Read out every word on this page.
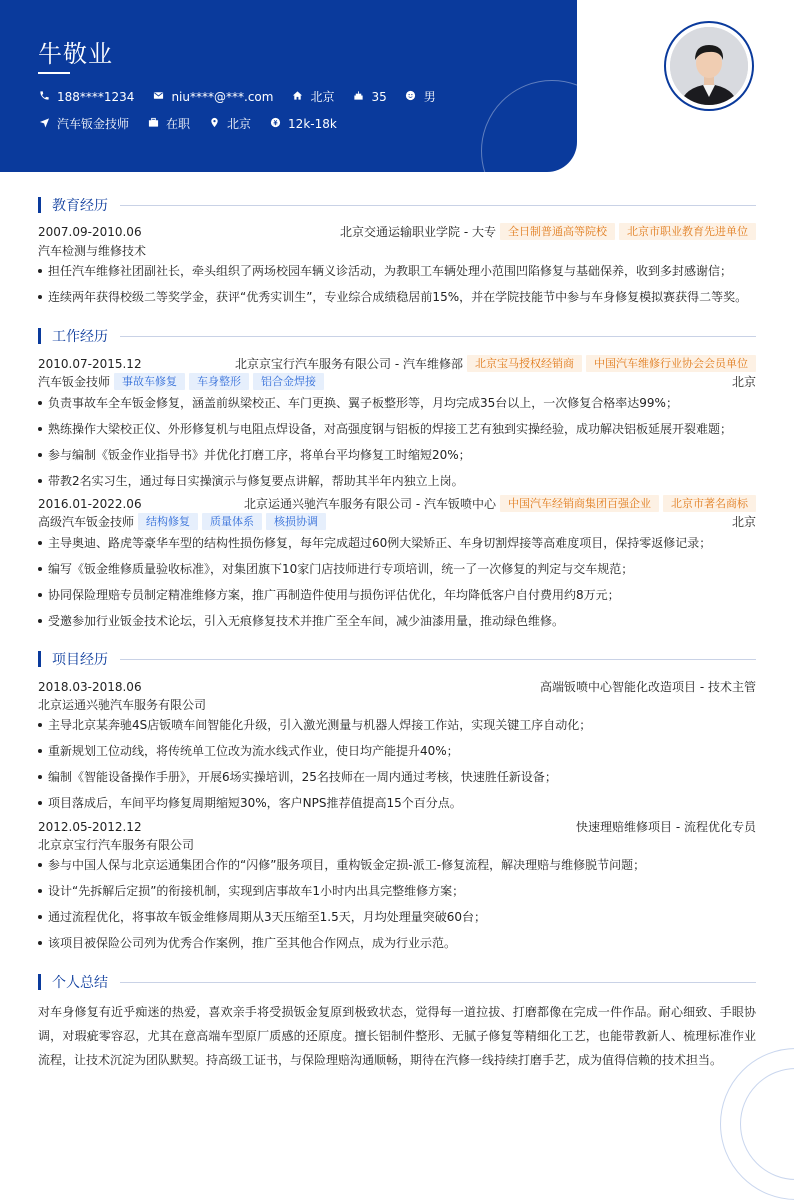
牛敬业
188****1234	niu****@***.com	北京	35	男
汽车钣金技师	在职	北京	12k-18k
教育经历
2007.09-2010.06	北京交通运输职业学院 - 大专	全日制普通高等院校	北京市职业教育先进单位
汽车检测与维修技术
担任汽车维修社团副社长，牵头组织了两场校园车辆义诊活动，为教职工车辆处理小范围凹陷修复与基础保养，收到多封感谢信；
连续两年获得校级二等奖学金，获评“优秀实训生”，专业综合成绩稳居前15%，并在学院技能节中参与车身修复模拟赛获得二等奖。
工作经历
2010.07-2015.12	北京京宝行汽车服务有限公司 - 汽车维修部	北京宝马授权经销商	中国汽车维修行业协会会员单位
汽车钣金技师	事故车修复	车身整形	铝合金焊接	北京
负责事故车全车钣金修复，涵盖前纵梁校正、车门更换、翼子板整形等，月均完成35台以上，一次修复合格率达99%；
熟练操作大梁校正仪、外形修复机与电阻点焊设备，对高强度钢与铝板的焊接工艺有独到实操经验，成功解决铝板延展开裂难题；
参与编制《钣金作业指导书》并优化打磨工序，将单台平均修复工时缩短20%；
带教2名实习生，通过每日实操演示与修复要点讲解，帮助其半年内独立上岗。
2016.01-2022.06	北京运通兴驰汽车服务有限公司 - 汽车钣喷中心	中国汽车经销商集团百强企业	北京市著名商标
高级汽车钣金技师	结构修复	质量体系	核损协调	北京
主导奥迪、路虎等豪华车型的结构性损伤修复，每年完成超过60例大梁矫正、车身切割焊接等高难度项目，保持零返修记录；
编写《钣金维修质量验收标准》，对集团旗下10家门店技师进行专项培训，统一了一次修复的判定与交车规范；
协同保险理赔专员制定精准维修方案，推广再制造件使用与损伤评估优化，年均降低客户自付费用约8万元；
受邀参加行业钣金技术论坛，引入无痕修复技术并推广至全车间，减少油漆用量，推动绿色维修。
项目经历
2018.03-2018.06	高端钣喷中心智能化改造项目 - 技术主管
北京运通兴驰汽车服务有限公司
主导北京某奔驰4S店钣喷车间智能化升级，引入激光测量与机器人焊接工作站，实现关键工序自动化；
重新规划工位动线，将传统单工位改为流水线式作业，使日均产能提升40%；
编制《智能设备操作手册》，开展6场实操培训，25名技师在一周内通过考核，快速胜任新设备；
项目落成后，车间平均修复周期缩短30%，客户NPS推荐值提高15个百分点。
2012.05-2012.12	快速理赔维修项目 - 流程优化专员
北京京宝行汽车服务有限公司
参与中国人保与北京运通集团合作的“闪修”服务项目，重构钣金定损-派工-修复流程，解决理赔与维修脱节问题；
设计“先拆解后定损”的衔接机制，实现到店事故车1小时内出具完整维修方案；
通过流程优化，将事故车钣金维修周期从3天压缩至1.5天，月均处理量突破60台；
该项目被保险公司列为优秀合作案例，推广至其他合作网点，成为行业示范。
个人总结
对车身修复有近乎痴迷的热爱，喜欢亲手将受损钣金复原到极致状态，觉得每一道拉拔、打磨都像在完成一件作品。耐心细致、手眼协调，对瑕疵零容忍，尤其在意高端车型原厂质感的还原度。擅长铝制件整形、无腻子修复等精细化工艺，也能带教新人、梳理标准作业流程，让技术沉淀为团队默契。持高级工证书，与保险理赔沟通顺畅，期待在汽修一线持续打磨手艺，成为值得信赖的技术担当。
